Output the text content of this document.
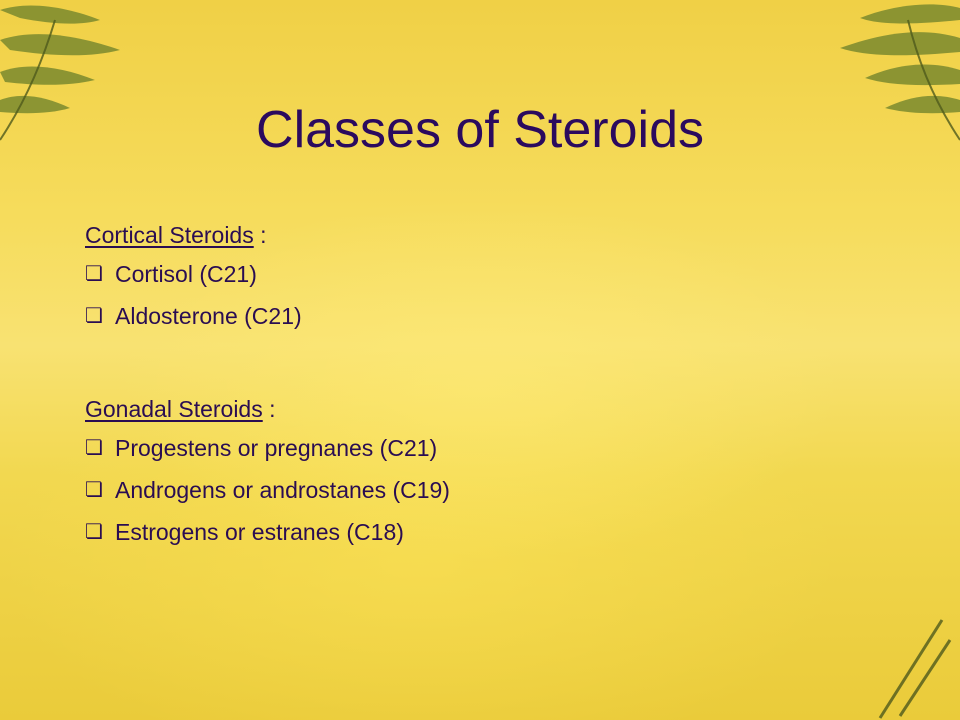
Classes of Steroids
Cortical Steroids :
❏ Cortisol (C21)
❏ Aldosterone (C21)
Gonadal Steroids :
❏ Progestens or pregnanes (C21)
❏ Androgens or androstanes (C19)
❏ Estrogens or estranes (C18)
